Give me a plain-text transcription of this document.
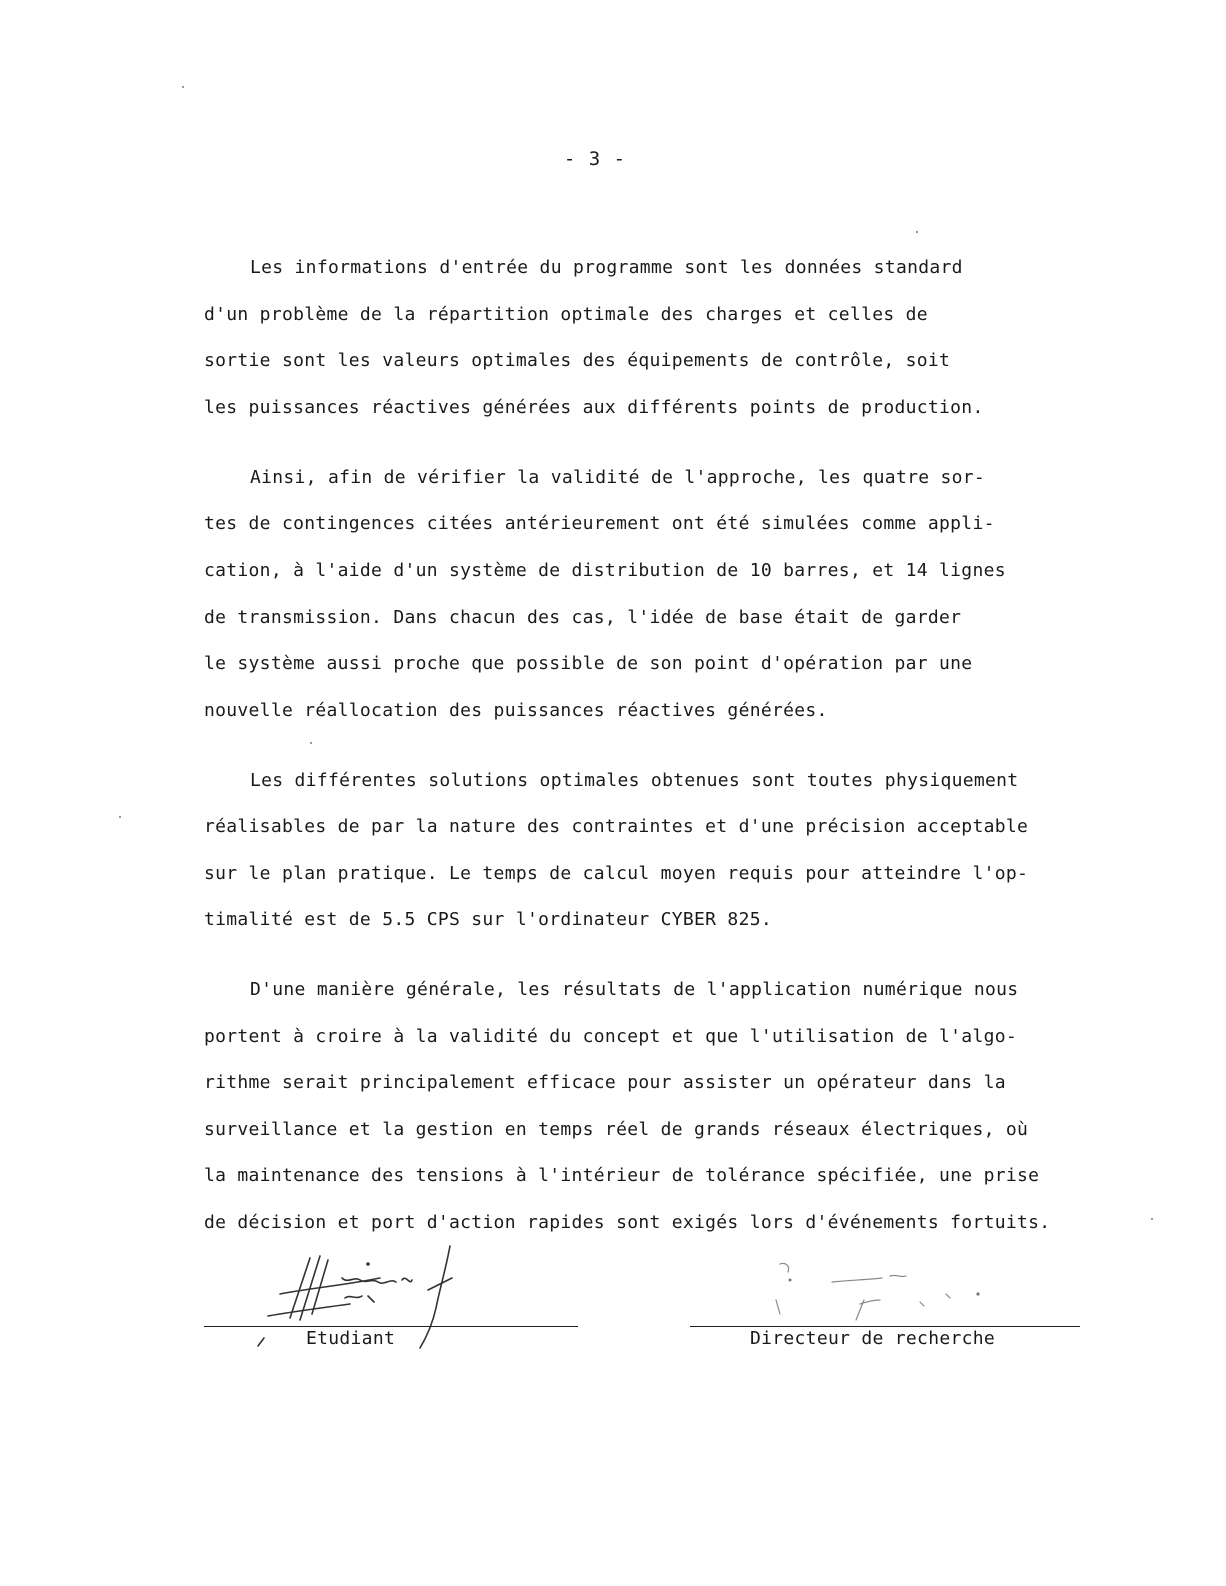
- 3 -
Les informations d'entrée du programme sont les données standard
d'un problème de la répartition optimale des charges et celles de
sortie sont les valeurs optimales des équipements de contrôle, soit
les puissances réactives générées aux différents points de production.
Ainsi, afin de vérifier la validité de l'approche, les quatre sor-
tes de contingences citées antérieurement ont été simulées comme appli-
cation, à l'aide d'un système de distribution de 10 barres, et 14 lignes
de transmission. Dans chacun des cas, l'idée de base était de garder
le système aussi proche que possible de son point d'opération par une
nouvelle réallocation des puissances réactives générées.
Les différentes solutions optimales obtenues sont toutes physiquement
réalisables de par la nature des contraintes et d'une précision acceptable
sur le plan pratique. Le temps de calcul moyen requis pour atteindre l'op-
timalité est de 5.5 CPS sur l'ordinateur CYBER 825.
D'une manière générale, les résultats de l'application numérique nous
portent à croire à la validité du concept et que l'utilisation de l'algo-
rithme serait principalement efficace pour assister un opérateur dans la
surveillance et la gestion en temps réel de grands réseaux électriques, où
la maintenance des tensions à l'intérieur de tolérance spécifiée, une prise
de décision et port d'action rapides sont exigés lors d'événements fortuits.
Etudiant	Directeur de recherche
